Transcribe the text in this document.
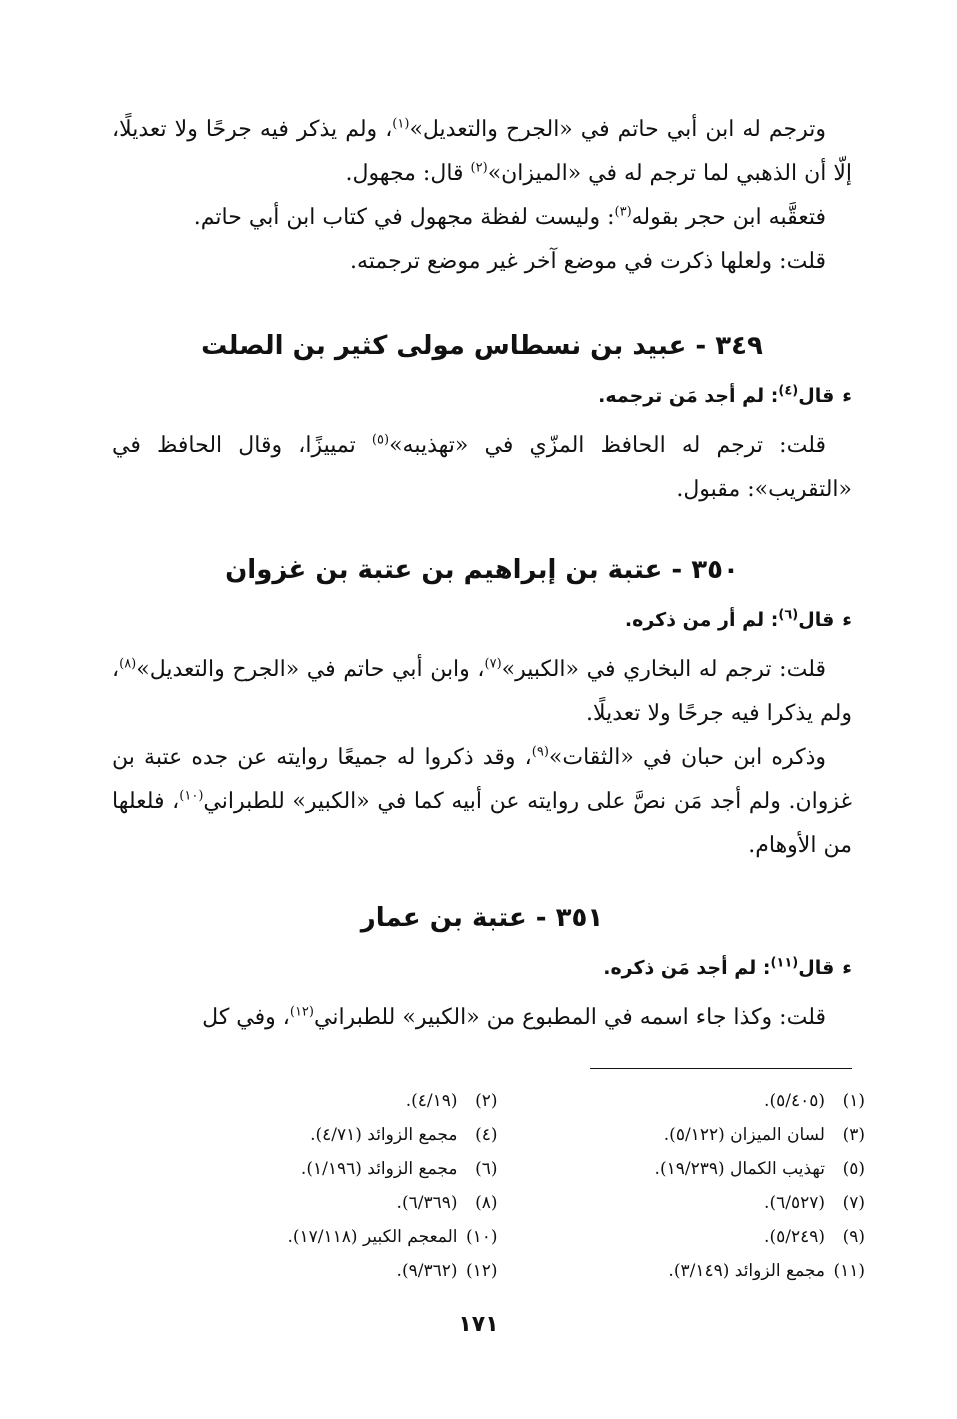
وترجم له ابن أبي حاتم في «الجرح والتعديل»$^{(١)}$، ولم يذكر فيه جرحًا ولا تعديلًا، إلّا أن الذهبي لما ترجم له في «الميزان»$^{(٢)}$ قال: مجهول.

فتعقَّبه ابن حجر بقوله$^{(٣)}$: وليست لفظة مجهول في كتاب ابن أبي حاتم.

قلت: ولعلها ذكرت في موضع آخر غير موضع ترجمته.

٣٤٩ - عبيد بن نسطاس مولى كثير بن الصلت

ءقال$^{(٤)}$: لم أجد مَن ترجمه.

قلت: ترجم له الحافظ المزّي في «تهذيبه»$^{(٥)}$ تمييزًا، وقال الحافظ في «التقريب»: مقبول.

٣٥٠ - عتبة بن إبراهيم بن عتبة بن غزوان

ءقال$^{(٦)}$: لم أر من ذكره.

قلت: ترجم له البخاري في «الكبير»$^{(٧)}$، وابن أبي حاتم في «الجرح والتعديل»$^{(٨)}$، ولم يذكرا فيه جرحًا ولا تعديلًا.

وذكره ابن حبان في «الثقات»$^{(٩)}$، وقد ذكروا له جميعًا روايته عن جده عتبة بن غزوان. ولم أجد مَن نصَّ على روايته عن أبيه كما في «الكبير» للطبراني$^{(١٠)}$، فلعلها من الأوهام.

٣٥١ - عتبة بن عمار

ءقال$^{(١١)}$: لم أجد مَن ذكره.

قلت: وكذا جاء اسمه في المطبوع من «الكبير» للطبراني$^{(١٢)}$، وفي كل

(١)(٥/٤٠٥).
(٢)(٤/١٩).
(٣)لسان الميزان (٥/١٢٢).
(٤)مجمع الزوائد (٤/٧١).
(٥)تهذيب الكمال (١٩/٢٣٩).
(٦)مجمع الزوائد (١/١٩٦).
(٧)(٦/٥٢٧).
(٨)(٦/٣٦٩).
(٩)(٥/٢٤٩).
(١٠)المعجم الكبير (١٧/١١٨).
(١١)مجمع الزوائد (٣/١٤٩).
(١٢)(٩/٣٦٢).
١٧١
